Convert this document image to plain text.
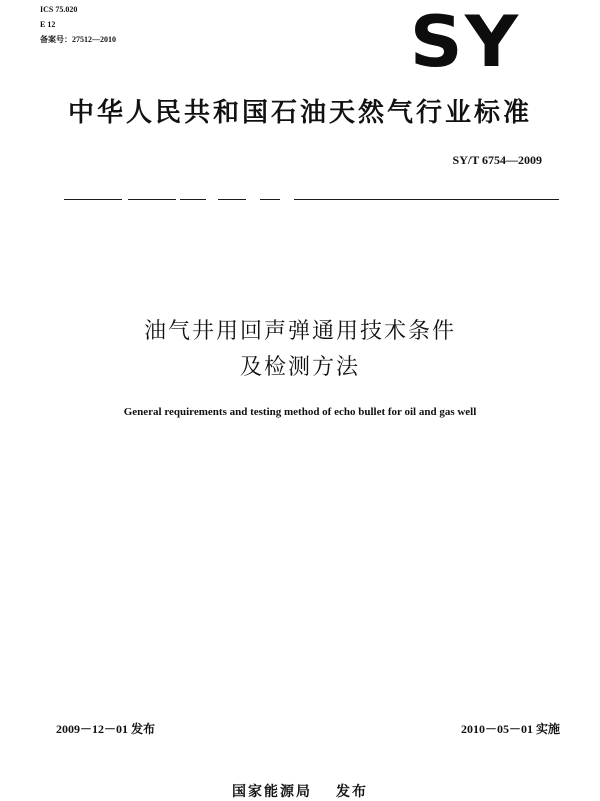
ICS 75.020
E 12
备案号：27512—2010	SY
中华人民共和国石油天然气行业标准
SY/T 6754—2009
油气井用回声弹通用技术条件
及检测方法
General requirements and testing method of echo bullet for oil and gas well
2009－12－01 发布	2010－05－01 实施
国家能源局 发布
